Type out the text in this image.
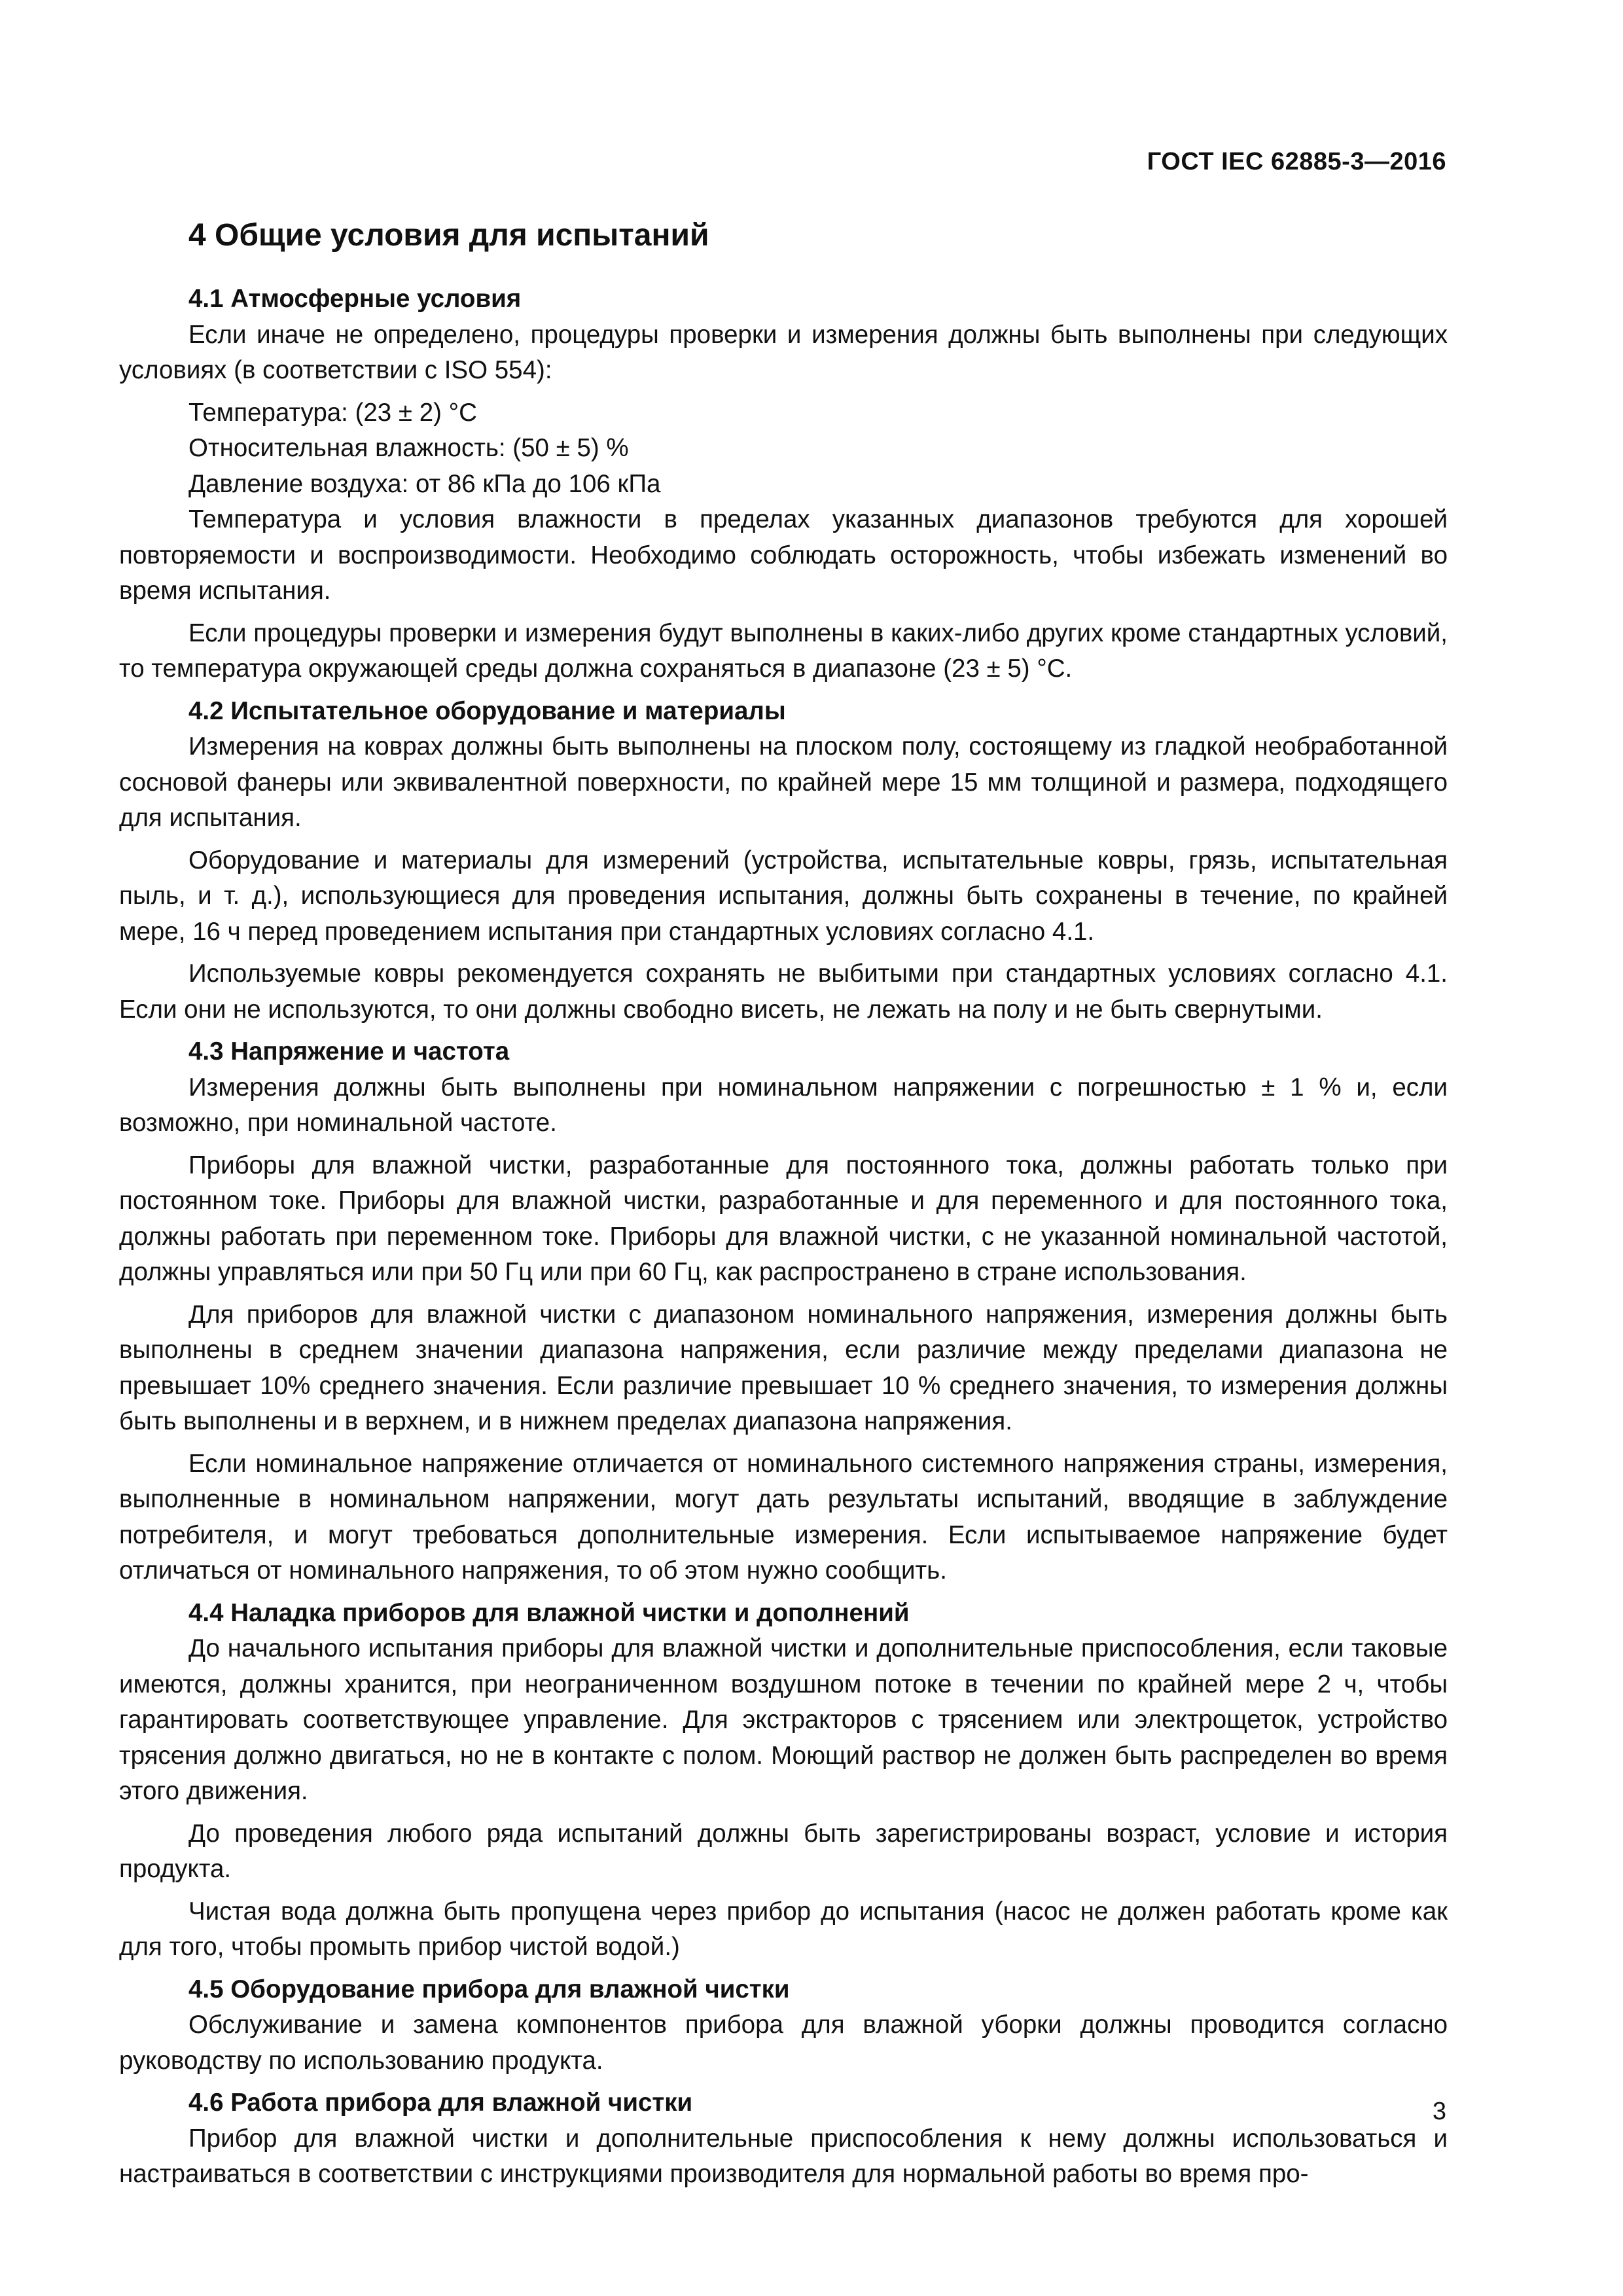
ГОСТ IEC 62885-3—2016
4 Общие условия для испытаний
4.1 Атмосферные условия
Если иначе не определено, процедуры проверки и измерения должны быть выполнены при следующих условиях (в соответствии с ISO 554):
Температура: (23 ± 2) °С
Относительная влажность: (50 ± 5) %
Давление воздуха: от 86 кПа до 106 кПа
Температура и условия влажности в пределах указанных диапазонов требуются для хорошей повторяемости и воспроизводимости. Необходимо соблюдать осторожность, чтобы избежать изменений во время испытания.
Если процедуры проверки и измерения будут выполнены в каких-либо других кроме стандартных условий, то температура окружающей среды должна сохраняться в диапазоне (23 ± 5) °С.
4.2 Испытательное оборудование и материалы
Измерения на коврах должны быть выполнены на плоском полу, состоящему из гладкой необработанной сосновой фанеры или эквивалентной поверхности, по крайней мере 15 мм толщиной и размера, подходящего для испытания.
Оборудование и материалы для измерений (устройства, испытательные ковры, грязь, испытательная пыль, и т. д.), использующиеся для проведения испытания, должны быть сохранены в течение, по крайней мере, 16 ч перед проведением испытания при стандартных условиях согласно 4.1.
Используемые ковры рекомендуется сохранять не выбитыми при стандартных условиях согласно 4.1. Если они не используются, то они должны свободно висеть, не лежать на полу и не быть свернутыми.
4.3 Напряжение и частота
Измерения должны быть выполнены при номинальном напряжении с погрешностью ± 1 % и, если возможно, при номинальной частоте.
Приборы для влажной чистки, разработанные для постоянного тока, должны работать только при постоянном токе. Приборы для влажной чистки, разработанные и для переменного и для постоянного тока, должны работать при переменном токе. Приборы для влажной чистки, с не указанной номинальной частотой, должны управляться или при 50 Гц или при 60 Гц, как распространено в стране использования.
Для приборов для влажной чистки с диапазоном номинального напряжения, измерения должны быть выполнены в среднем значении диапазона напряжения, если различие между пределами диапазона не превышает 10% среднего значения. Если различие превышает 10 % среднего значения, то измерения должны быть выполнены и в верхнем, и в нижнем пределах диапазона напряжения.
Если номинальное напряжение отличается от номинального системного напряжения страны, измерения, выполненные в номинальном напряжении, могут дать результаты испытаний, вводящие в заблуждение потребителя, и могут требоваться дополнительные измерения. Если испытываемое напряжение будет отличаться от номинального напряжения, то об этом нужно сообщить.
4.4 Наладка приборов для влажной чистки и дополнений
До начального испытания приборы для влажной чистки и дополнительные приспособления, если таковые имеются, должны хранится, при неограниченном воздушном потоке в течении по крайней мере 2 ч, чтобы гарантировать соответствующее управление. Для экстракторов с трясением или электрощеток, устройство трясения должно двигаться, но не в контакте с полом. Моющий раствор не должен быть распределен во время этого движения.
До проведения любого ряда испытаний должны быть зарегистрированы возраст, условие и история продукта.
Чистая вода должна быть пропущена через прибор до испытания (насос не должен работать кроме как для того, чтобы промыть прибор чистой водой.)
4.5 Оборудование прибора для влажной чистки
Обслуживание и замена компонентов прибора для влажной уборки должны проводится согласно руководству по использованию продукта.
4.6 Работа прибора для влажной чистки
Прибор для влажной чистки и дополнительные приспособления к нему должны использоваться и настраиваться в соответствии с инструкциями производителя для нормальной работы во время про-
3
